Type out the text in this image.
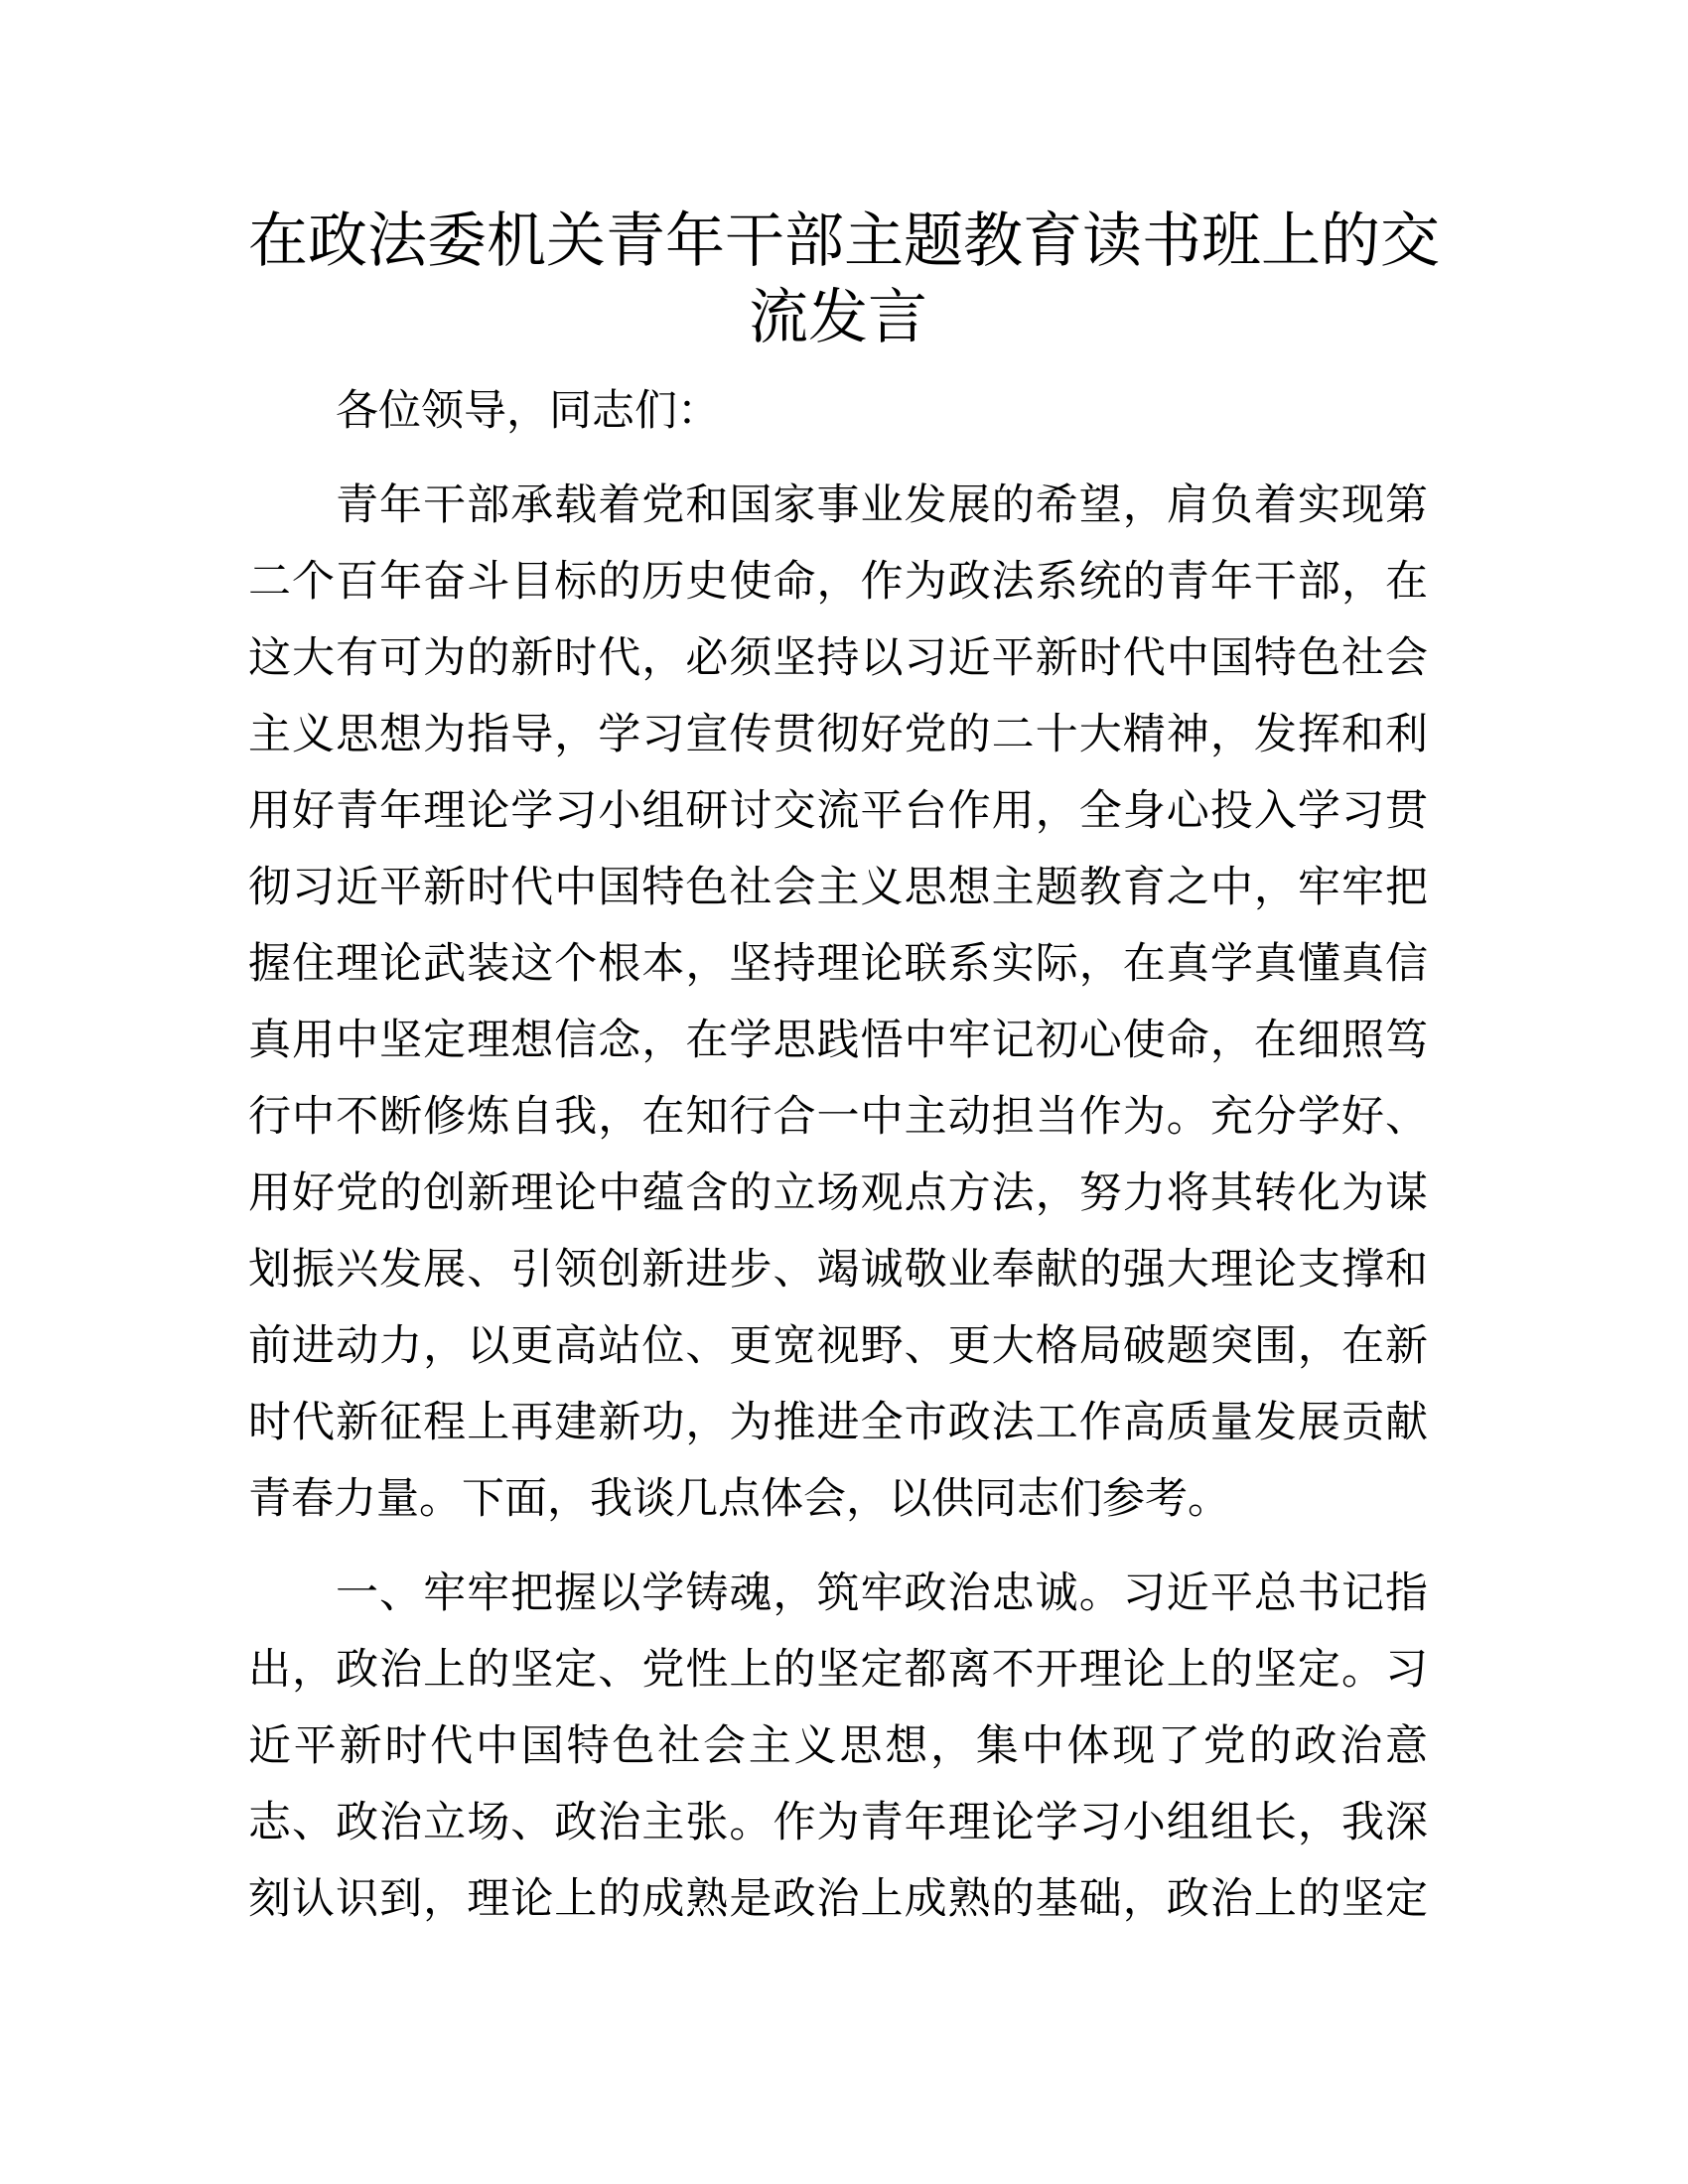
在政法委机关青年干部主题教育读书班上的交
流发言

各位领导，同志们：

青年干部承载着党和国家事业发展的希望，肩负着实现第
二个百年奋斗目标的历史使命，作为政法系统的青年干部，在
这大有可为的新时代，必须坚持以习近平新时代中国特色社会
主义思想为指导，学习宣传贯彻好党的二十大精神，发挥和利
用好青年理论学习小组研讨交流平台作用，全身心投入学习贯
彻习近平新时代中国特色社会主义思想主题教育之中，牢牢把
握住理论武装这个根本，坚持理论联系实际，在真学真懂真信
真用中坚定理想信念，在学思践悟中牢记初心使命，在细照笃
行中不断修炼自我，在知行合一中主动担当作为。充分学好、
用好党的创新理论中蕴含的立场观点方法，努力将其转化为谋
划振兴发展、引领创新进步、竭诚敬业奉献的强大理论支撑和
前进动力，以更高站位、更宽视野、更大格局破题突围，在新
时代新征程上再建新功，为推进全市政法工作高质量发展贡献
青春力量。下面，我谈几点体会，以供同志们参考。

一、牢牢把握以学铸魂，筑牢政治忠诚。习近平总书记指
出，政治上的坚定、党性上的坚定都离不开理论上的坚定。习
近平新时代中国特色社会主义思想，集中体现了党的政治意
志、政治立场、政治主张。作为青年理论学习小组组长，我深
刻认识到，理论上的成熟是政治上成熟的基础，政治上的坚定
